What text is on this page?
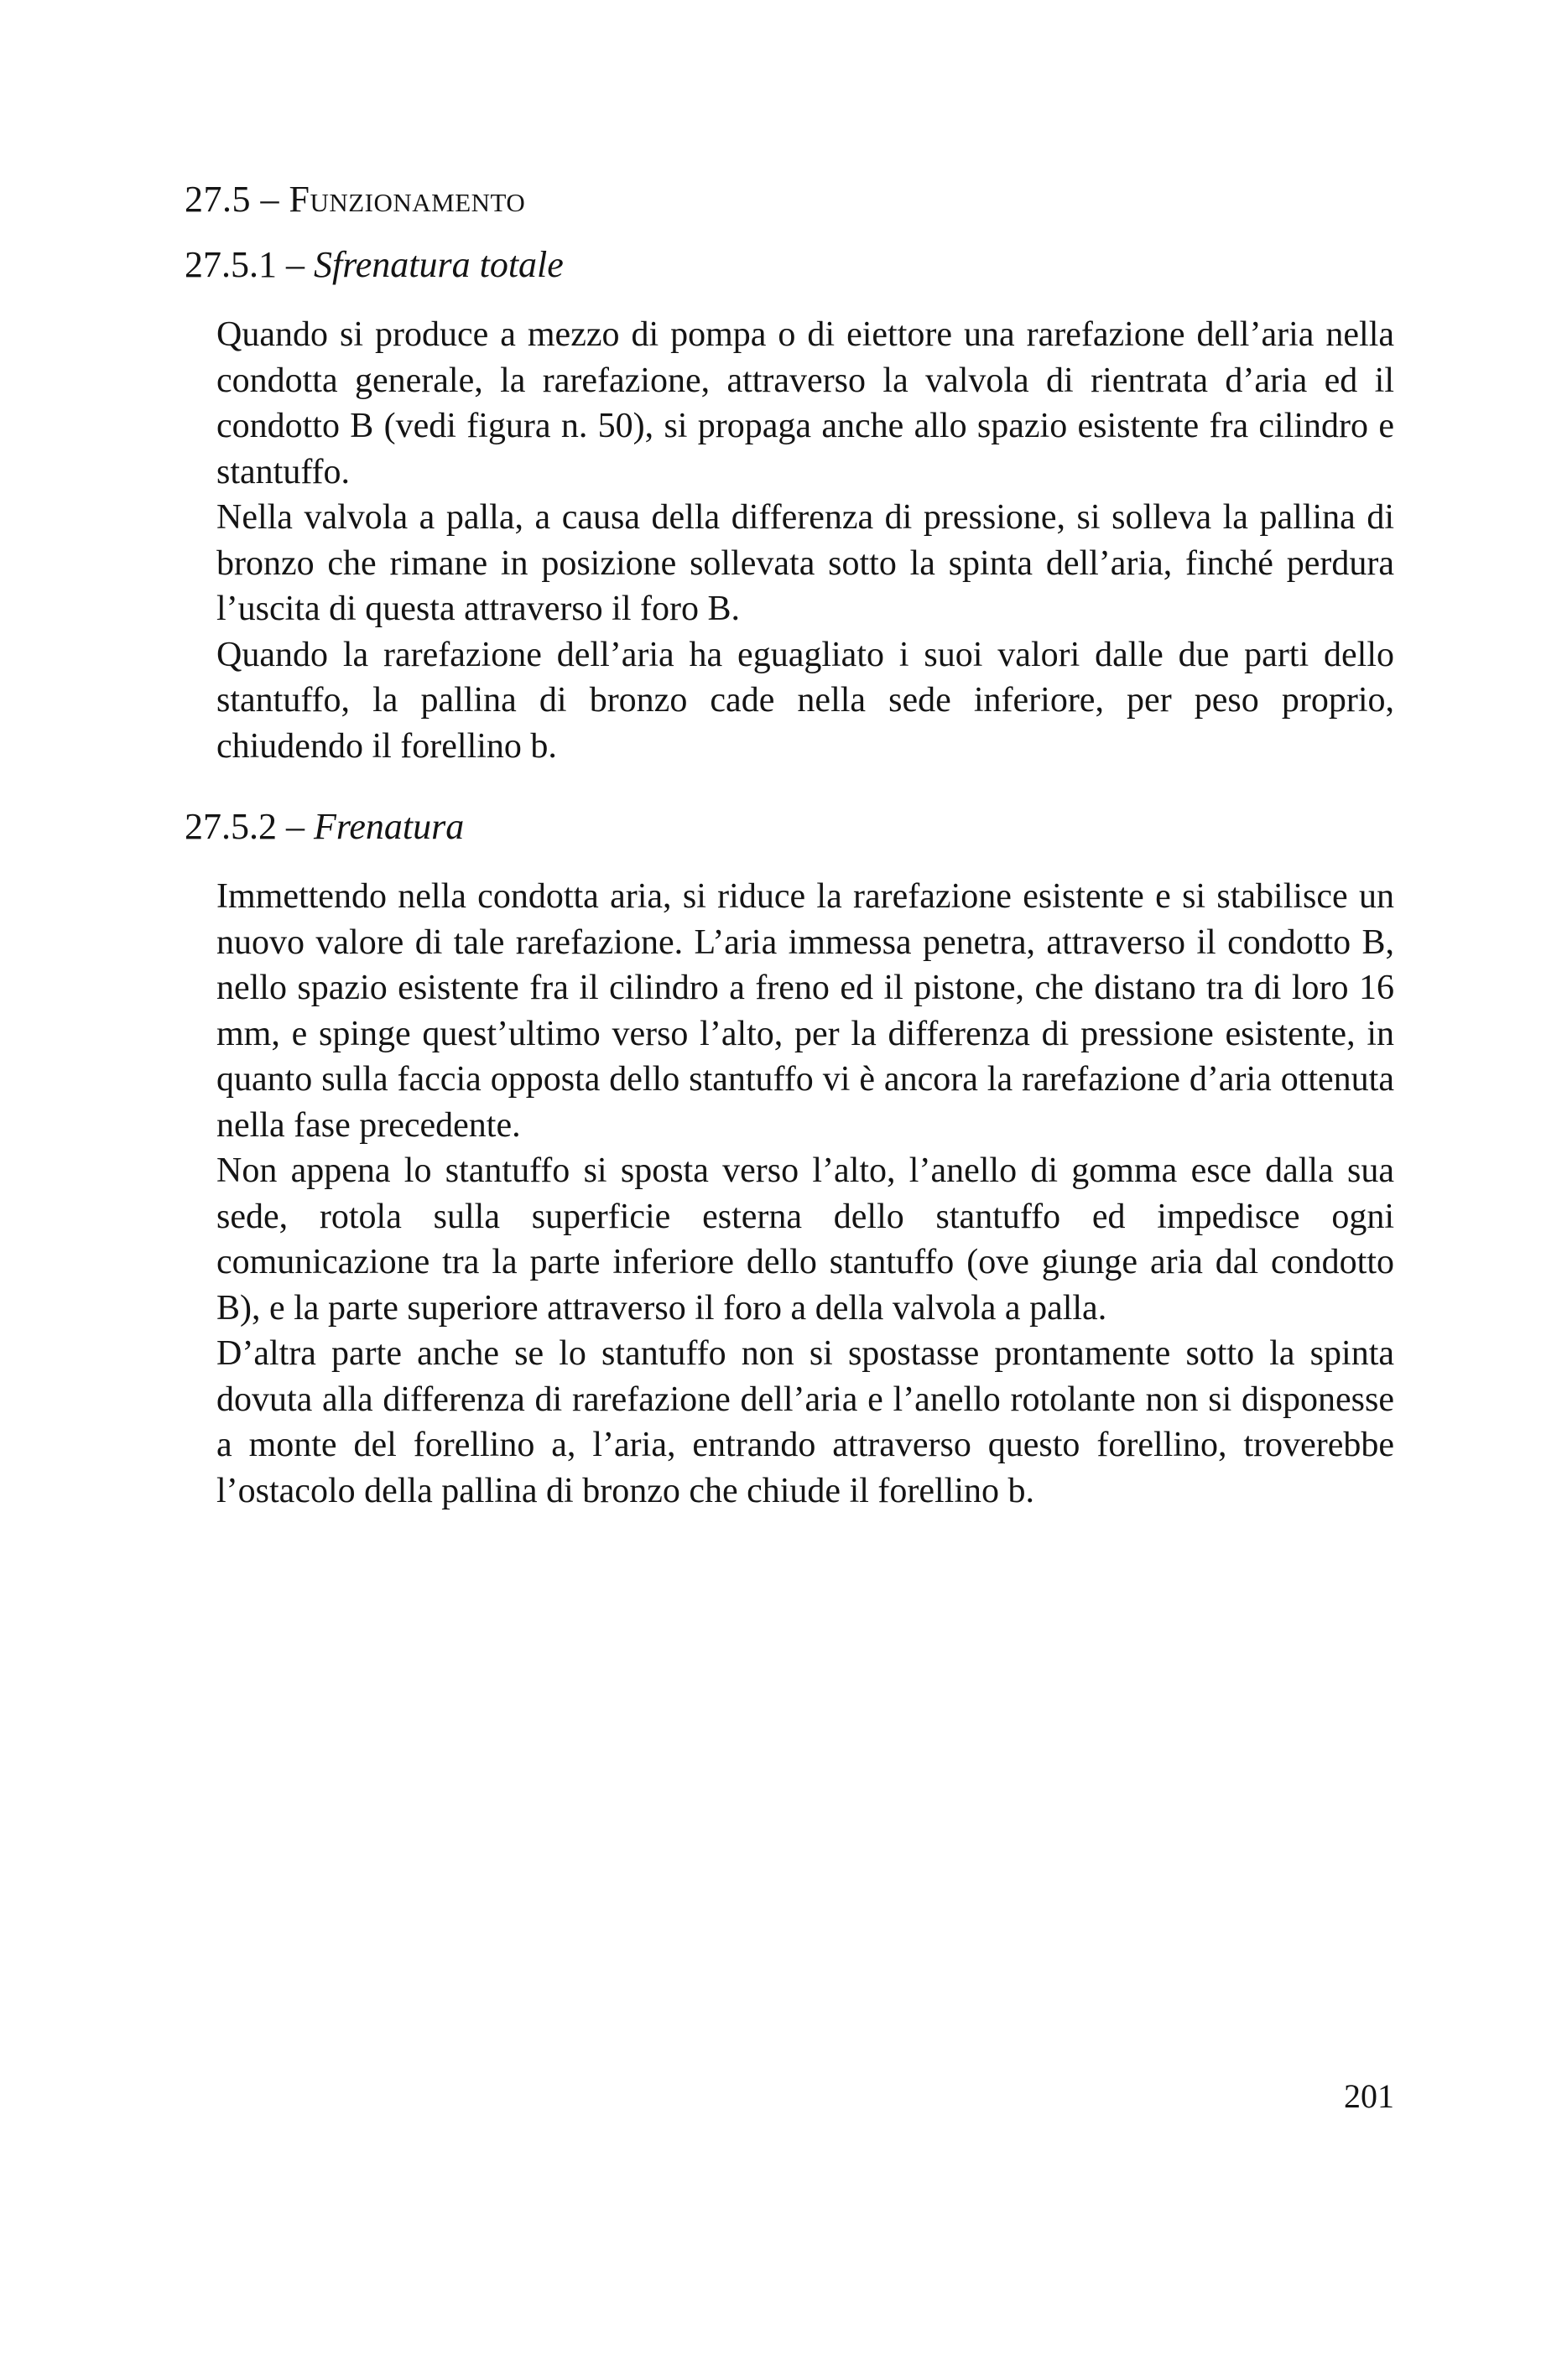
27.5 – Funzionamento
27.5.1 – Sfrenatura totale

Quando si produce a mezzo di pompa o di eiettore una rarefazione dell’aria nella condotta generale, la rarefazione, attraverso la valvola di rientrata d’aria ed il condotto B (vedi figura n. 50), si propaga anche allo spazio esistente fra cilindro e stantuffo.

Nella valvola a palla, a causa della differenza di pressione, si solleva la pallina di bronzo che rimane in posizione sollevata sotto la spinta dell’aria, finché perdura l’uscita di questa attraverso il foro B.

Quando la rarefazione dell’aria ha eguagliato i suoi valori dalle due parti dello stantuffo, la pallina di bronzo cade nella sede inferiore, per peso proprio, chiudendo il forellino b.

27.5.2 – Frenatura

Immettendo nella condotta aria, si riduce la rarefazione esistente e si stabilisce un nuovo valore di tale rarefazione. L’aria immessa penetra, attraverso il condotto B, nello spazio esistente fra il cilindro a freno ed il pistone, che distano tra di loro 16 mm, e spinge quest’ultimo verso l’alto, per la differenza di pressione esistente, in quanto sulla faccia opposta dello stantuffo vi è ancora la rarefazione d’aria ottenuta nella fase precedente.

Non appena lo stantuffo si sposta verso l’alto, l’anello di gomma esce dalla sua sede, rotola sulla superficie esterna dello stantuffo ed impedisce ogni comunicazione tra la parte inferiore dello stantuffo (ove giunge aria dal condotto B), e la parte superiore attraverso il foro a della valvola a palla.

D’altra parte anche se lo stantuffo non si spostasse prontamente sotto la spinta dovuta alla differenza di rarefazione dell’aria e l’anello rotolante non si disponesse a monte del forellino a, l’aria, entrando attraverso questo forellino, troverebbe l’ostacolo della pallina di bronzo che chiude il forellino b.

201
